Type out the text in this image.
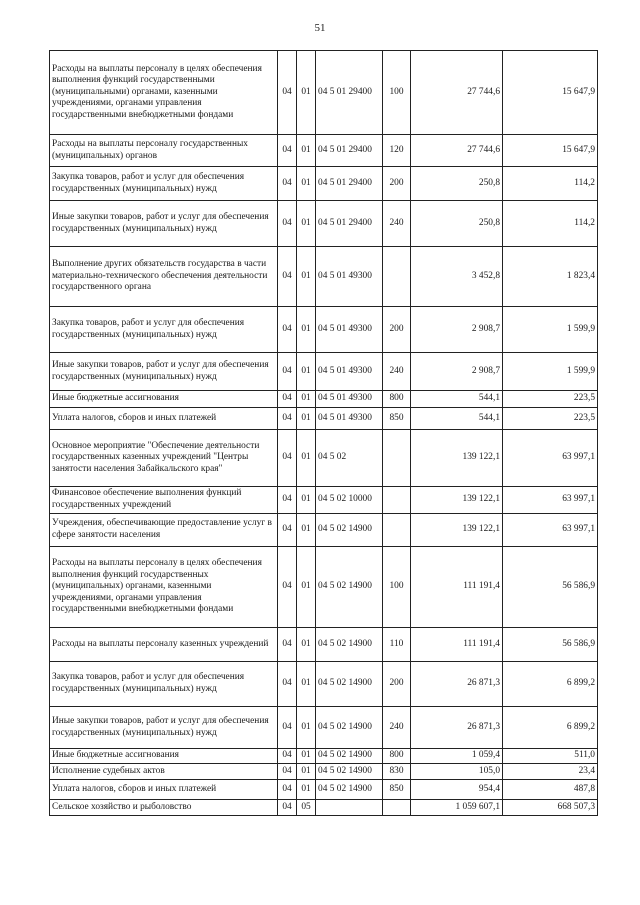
51
Расходы на выплаты персоналу в целях обеспечения выполнения функций государственными (муниципальными) органами, казенными учреждениями, органами управления государственными внебюджетными фондами	04	01	04 5 01 29400	100	27 744,6	15 647,9
Расходы на выплаты персоналу государственных (муниципальных) органов	04	01	04 5 01 29400	120	27 744,6	15 647,9
Закупка товаров, работ и услуг для обеспечения государственных (муниципальных) нужд	04	01	04 5 01 29400	200	250,8	114,2
Иные закупки товаров, работ и услуг для обеспечения государственных (муниципальных) нужд	04	01	04 5 01 29400	240	250,8	114,2
Выполнение других обязательств государства в части материально-технического обеспечения деятельности государственного органа	04	01	04 5 01 49300		3 452,8	1 823,4
Закупка товаров, работ и услуг для обеспечения государственных (муниципальных) нужд	04	01	04 5 01 49300	200	2 908,7	1 599,9
Иные закупки товаров, работ и услуг для обеспечения государственных (муниципальных) нужд	04	01	04 5 01 49300	240	2 908,7	1 599,9
Иные бюджетные ассигнования	04	01	04 5 01 49300	800	544,1	223,5
Уплата налогов, сборов и иных платежей	04	01	04 5 01 49300	850	544,1	223,5
Основное мероприятие "Обеспечение деятельности государственных казенных учреждений "Центры занятости населения Забайкальского края"	04	01	04 5 02		139 122,1	63 997,1
Финансовое обеспечение выполнения функций государственных учреждений	04	01	04 5 02 10000		139 122,1	63 997,1
Учреждения, обеспечивающие предоставление услуг в сфере занятости населения	04	01	04 5 02 14900		139 122,1	63 997,1
Расходы на выплаты персоналу в целях обеспечения выполнения функций государственных (муниципальных) органами, казенными учреждениями, органами управления государственными внебюджетными фондами	04	01	04 5 02 14900	100	111 191,4	56 586,9
Расходы на выплаты персоналу казенных учреждений	04	01	04 5 02 14900	110	111 191,4	56 586,9
Закупка товаров, работ и услуг для обеспечения государственных (муниципальных) нужд	04	01	04 5 02 14900	200	26 871,3	6 899,2
Иные закупки товаров, работ и услуг для обеспечения государственных (муниципальных) нужд	04	01	04 5 02 14900	240	26 871,3	6 899,2
Иные бюджетные ассигнования	04	01	04 5 02 14900	800	1 059,4	511,0
Исполнение судебных актов	04	01	04 5 02 14900	830	105,0	23,4
Уплата налогов, сборов и иных платежей	04	01	04 5 02 14900	850	954,4	487,8
Сельское хозяйство и рыболовство	04	05			1 059 607,1	668 507,3
